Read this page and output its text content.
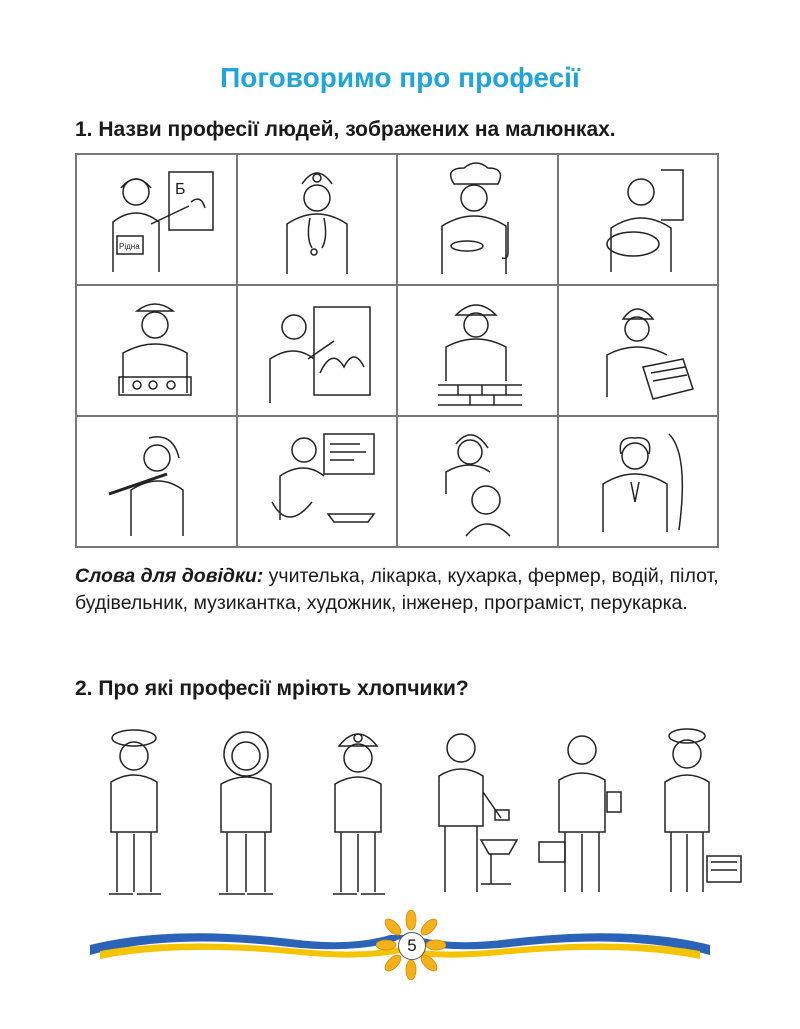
Поговоримо про професії
1. Назви професії людей, зображених на малюнках.
Б
Рідна
Слова для довідки: учителька, лікарка, кухарка, фермер, водій, пілот, будівельник, музикантка, художник, інженер, програміст, перукарка.
2. Про які професії мріють хлопчики?
5
